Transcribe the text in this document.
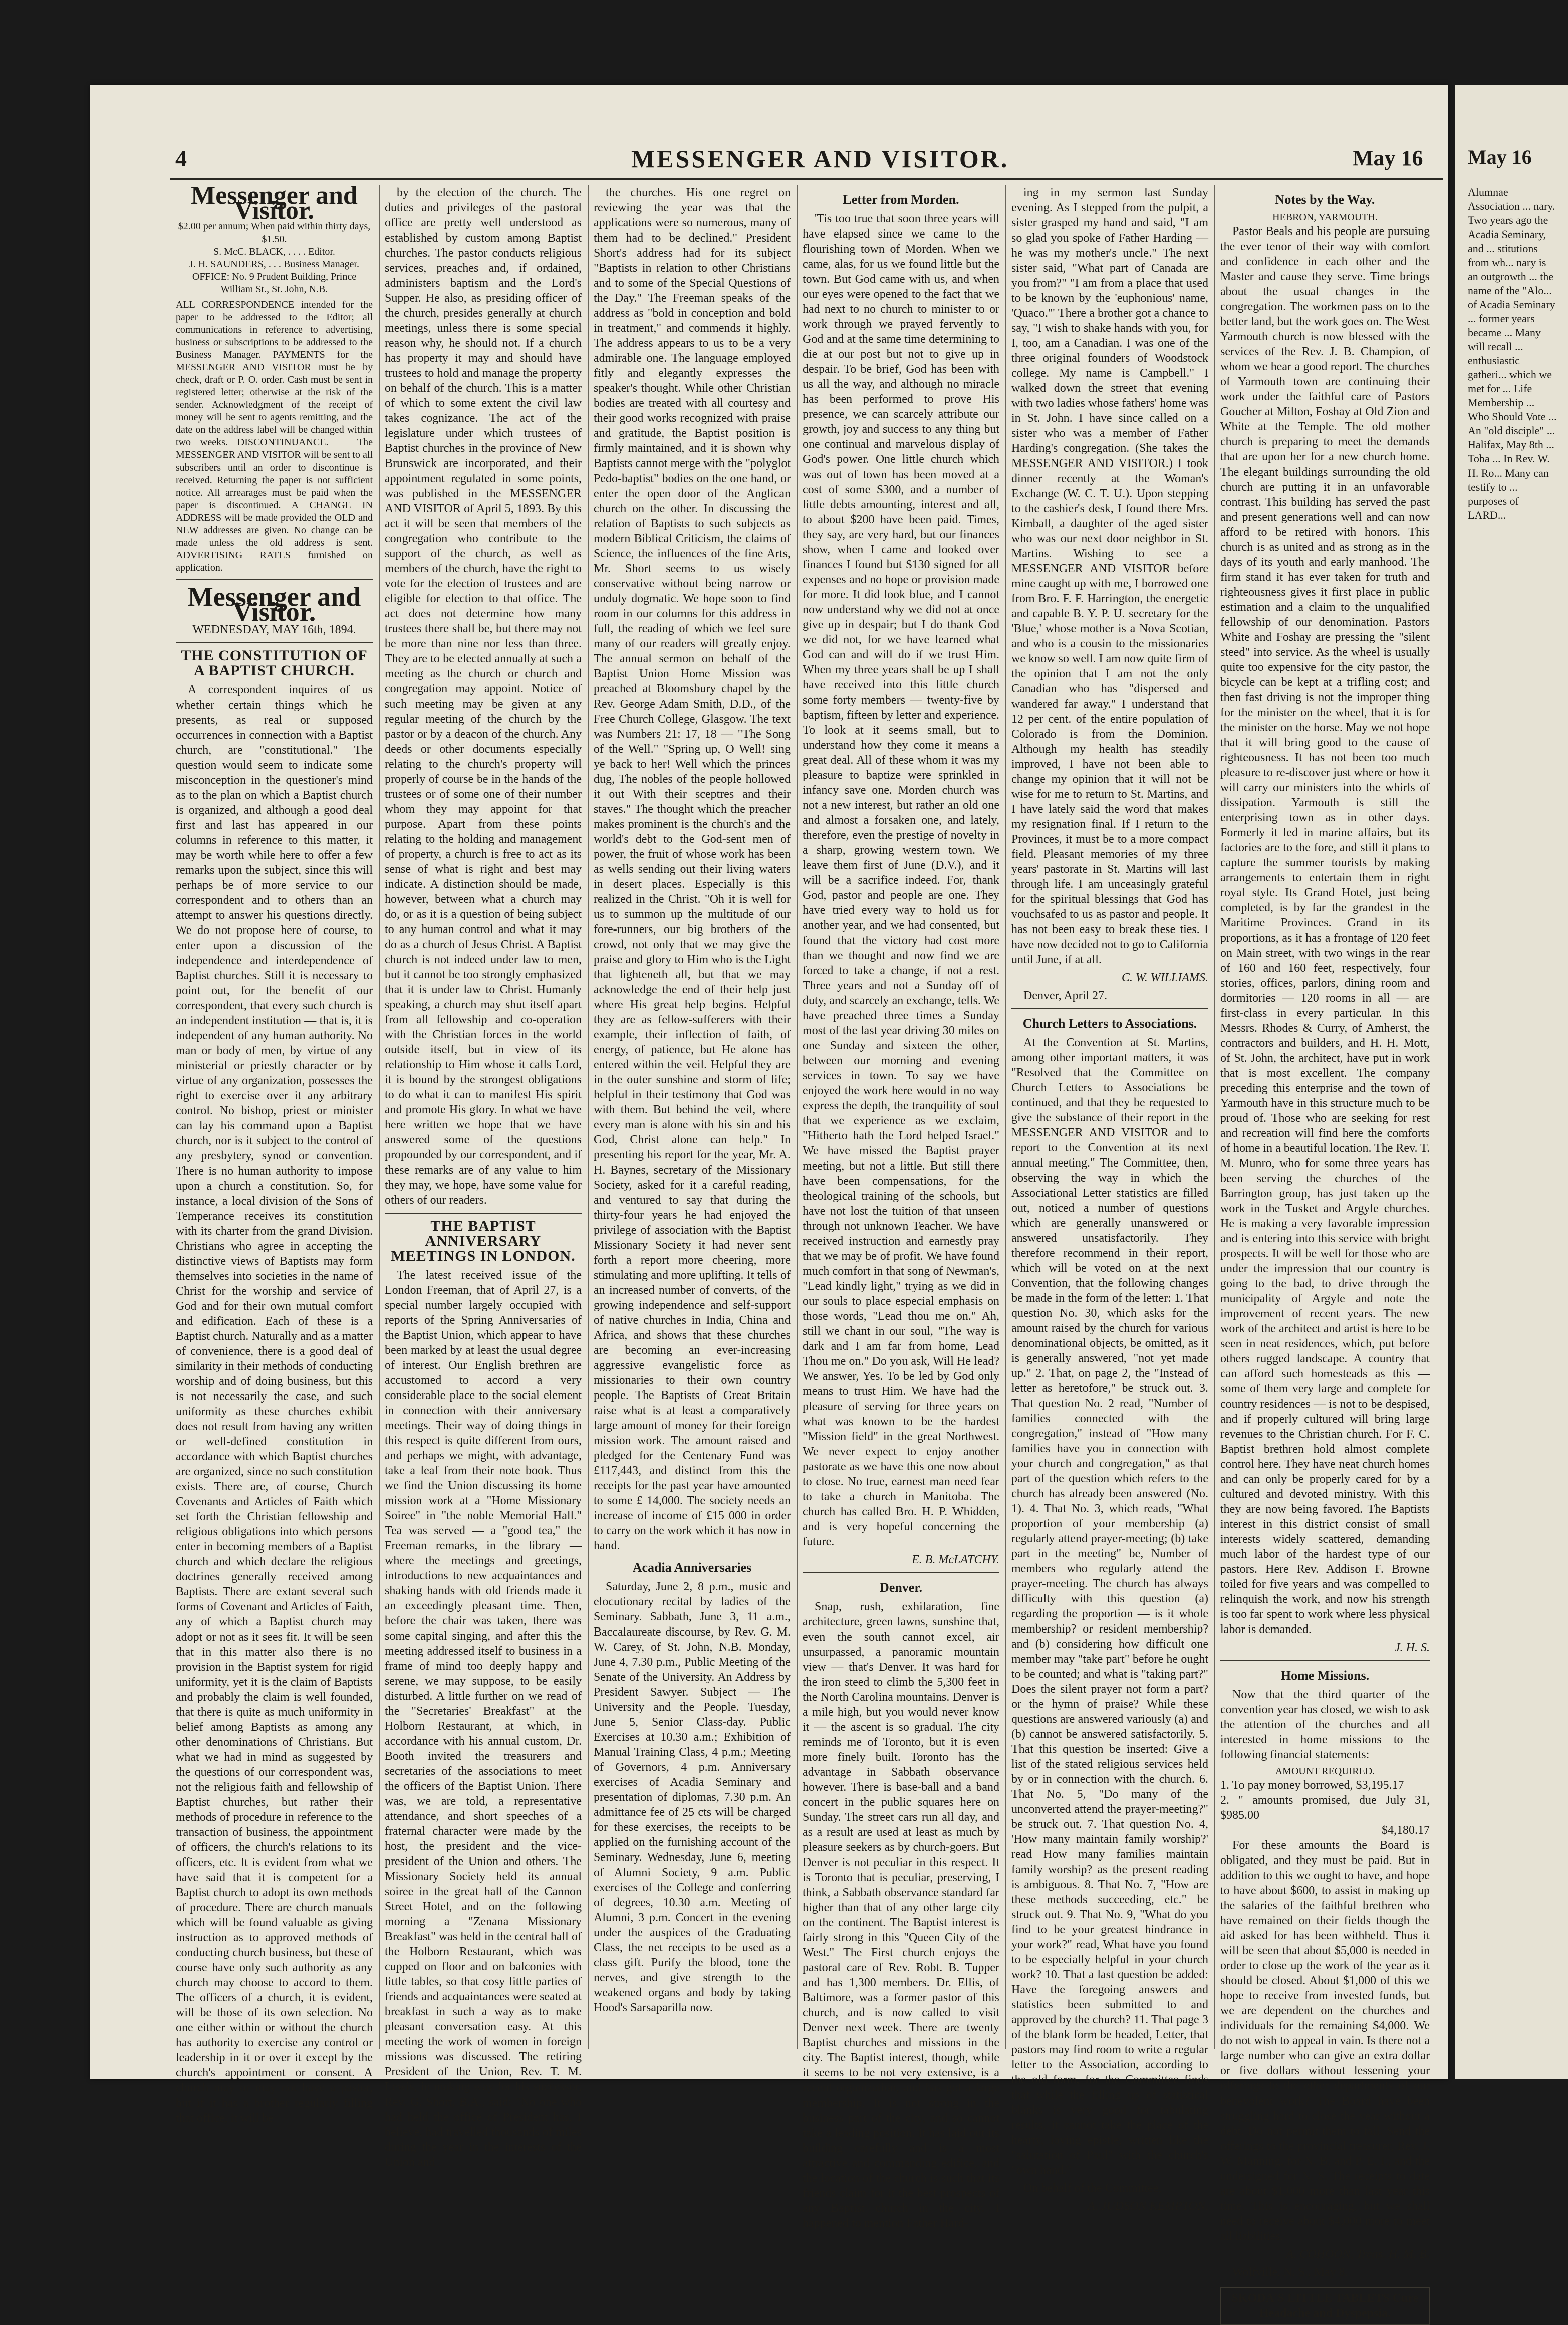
4	MESSENGER AND VISITOR.	May 16
Messenger and Visitor.
$2.00 per annum; When paid within thirty days, $1.50.
S. McC. BLACK, . . . . Editor.
J. H. SAUNDERS, . . . Business Manager.
OFFICE: No. 9 Prudent Building, Prince William St., St. John, N.B.
ALL CORRESPONDENCE intended for the paper to be addressed to the Editor; all communications in reference to advertising, business or subscriptions to be addressed to the Business Manager. PAYMENTS for the MESSENGER AND VISITOR must be by check, draft or P. O. order. Cash must be sent in registered letter; otherwise at the risk of the sender. Acknowledgment of the receipt of money will be sent to agents remitting, and the date on the address label will be changed within two weeks. DISCONTINUANCE. — The MESSENGER AND VISITOR will be sent to all subscribers until an order to discontinue is received. Returning the paper is not sufficient notice. All arrearages must be paid when the paper is discontinued. A CHANGE IN ADDRESS will be made provided the OLD and NEW addresses are given. No change can be made unless the old address is sent. ADVERTISING RATES furnished on application.
Messenger and Visitor.
WEDNESDAY, MAY 16th, 1894.
THE CONSTITUTION OF A BAPTIST CHURCH.

A correspondent inquires of us whether certain things which he presents, as real or supposed occurrences in connection with a Baptist church, are "constitutional." The question would seem to indicate some misconception in the questioner's mind as to the plan on which a Baptist church is organized, and although a good deal first and last has appeared in our columns in reference to this matter, it may be worth while here to offer a few remarks upon the subject, since this will perhaps be of more service to our correspondent and to others than an attempt to answer his questions directly. We do not propose here of course, to enter upon a discussion of the independence and interdependence of Baptist churches. Still it is necessary to point out, for the benefit of our correspondent, that every such church is an independent institution — that is, it is independent of any human authority. No man or body of men, by virtue of any ministerial or priestly character or by virtue of any organization, possesses the right to exercise over it any arbitrary control. No bishop, priest or minister can lay his command upon a Baptist church, nor is it subject to the control of any presbytery, synod or convention. There is no human authority to impose upon a church a constitution. So, for instance, a local division of the Sons of Temperance receives its constitution with its charter from the grand Division. Christians who agree in accepting the distinctive views of Baptists may form themselves into societies in the name of Christ for the worship and service of God and for their own mutual comfort and edification. Each of these is a Baptist church. Naturally and as a matter of convenience, there is a good deal of similarity in their methods of conducting worship and of doing business, but this is not necessarily the case, and such uniformity as these churches exhibit does not result from having any written or well-defined constitution in accordance with which Baptist churches are organized, since no such constitution exists. There are, of course, Church Covenants and Articles of Faith which set forth the Christian fellowship and religious obligations into which persons enter in becoming members of a Baptist church and which declare the religious doctrines generally received among Baptists. There are extant several such forms of Covenant and Articles of Faith, any of which a Baptist church may adopt or not as it sees fit. It will be seen that in this matter also there is no provision in the Baptist system for rigid uniformity, yet it is the claim of Baptists and probably the claim is well founded, that there is quite as much uniformity in belief among Baptists as among any other denominations of Christians. But what we had in mind as suggested by the questions of our correspondent was, not the religious faith and fellowship of Baptist churches, but rather their methods of procedure in reference to the transaction of business, the appointment of officers, the church's relations to its officers, etc. It is evident from what we have said that it is competent for a Baptist church to adopt its own methods of procedure. There are church manuals which will be found valuable as giving instruction as to approved methods of conducting church business, but these of course have only such authority as any church may choose to accord to them. The officers of a church, it is evident, will be those of its own selection. No one either within or without the church has authority to exercise any control or leadership in it or over it except by the church's appointment or consent. A church may or may not have a pastor, but if it has a brother regularly filling that office, it will be

by the election of the church. The duties and privileges of the pastoral office are pretty well understood as established by custom among Baptist churches. The pastor conducts religious services, preaches and, if ordained, administers baptism and the Lord's Supper. He also, as presiding officer of the church, presides generally at church meetings, unless there is some special reason why, he should not. If a church has property it may and should have trustees to hold and manage the property on behalf of the church. This is a matter of which to some extent the civil law takes cognizance. The act of the legislature under which trustees of Baptist churches in the province of New Brunswick are incorporated, and their appointment regulated in some points, was published in the MESSENGER AND VISITOR of April 5, 1893. By this act it will be seen that members of the congregation who contribute to the support of the church, as well as members of the church, have the right to vote for the election of trustees and are eligible for election to that office. The act does not determine how many trustees there shall be, but there may not be more than nine nor less than three. They are to be elected annually at such a meeting as the church or church and congregation may appoint. Notice of such meeting may be given at any regular meeting of the church by the pastor or by a deacon of the church. Any deeds or other documents especially relating to the church's property will properly of course be in the hands of the trustees or of some one of their number whom they may appoint for that purpose. Apart from these points relating to the holding and management of property, a church is free to act as its sense of what is right and best may indicate. A distinction should be made, however, between what a church may do, or as it is a question of being subject to any human control and what it may do as a church of Jesus Christ. A Baptist church is not indeed under law to men, but it cannot be too strongly emphasized that it is under law to Christ. Humanly speaking, a church may shut itself apart from all fellowship and co-operation with the Christian forces in the world outside itself, but in view of its relationship to Him whose it calls Lord, it is bound by the strongest obligations to do what it can to manifest His spirit and promote His glory. In what we have here written we hope that we have answered some of the questions propounded by our correspondent, and if these remarks are of any value to him they may, we hope, have some value for others of our readers.

THE BAPTIST ANNIVERSARY MEETINGS IN LONDON.

The latest received issue of the London Freeman, that of April 27, is a special number largely occupied with reports of the Spring Anniversaries of the Baptist Union, which appear to have been marked by at least the usual degree of interest. Our English brethren are accustomed to accord a very considerable place to the social element in connection with their anniversary meetings. Their way of doing things in this respect is quite different from ours, and perhaps we might, with advantage, take a leaf from their note book. Thus we find the Union discussing its home mission work at a "Home Missionary Soiree" in "the noble Memorial Hall." Tea was served — a "good tea," the Freeman remarks, in the library — where the meetings and greetings, introductions to new acquaintances and shaking hands with old friends made it an exceedingly pleasant time. Then, before the chair was taken, there was some capital singing, and after this the meeting addressed itself to business in a frame of mind too deeply happy and serene, we may suppose, to be easily disturbed. A little further on we read of the "Secretaries' Breakfast" at the Holborn Restaurant, at which, in accordance with his annual custom, Dr. Booth invited the treasurers and secretaries of the associations to meet the officers of the Baptist Union. There was, we are told, a representative attendance, and short speeches of a fraternal character were made by the host, the president and the vice-president of the Union and others. The Missionary Society held its annual soiree in the great hall of the Cannon Street Hotel, and on the following morning a "Zenana Missionary Breakfast" was held in the central hall of the Holborn Restaurant, which was cupped on floor and on balconies with little tables, so that cosy little parties of friends and acquaintances were seated at breakfast in such a way as to make pleasant conversation easy. At this meeting the work of women in foreign missions was discussed. The retiring President of the Union, Rev. T. M. Lewis, in making way for his successor, Rev. G. Short, B.A., said: "No one who had held the office of President has, I believe, had travelled thousands of miles during the year in the interests of the Union and

the churches. His one regret on reviewing the year was that the applications were so numerous, many of them had to be declined." President Short's address had for its subject "Baptists in relation to other Christians and to some of the Special Questions of the Day." The Freeman speaks of the address as "bold in conception and bold in treatment," and commends it highly. The address appears to us to be a very admirable one. The language employed fitly and elegantly expresses the speaker's thought. While other Christian bodies are treated with all courtesy and their good works recognized with praise and gratitude, the Baptist position is firmly maintained, and it is shown why Baptists cannot merge with the "polyglot Pedo-baptist" bodies on the one hand, or enter the open door of the Anglican church on the other. In discussing the relation of Baptists to such subjects as modern Biblical Criticism, the claims of Science, the influences of the fine Arts, Mr. Short seems to us wisely conservative without being narrow or unduly dogmatic. We hope soon to find room in our columns for this address in full, the reading of which we feel sure many of our readers will greatly enjoy. The annual sermon on behalf of the Baptist Union Home Mission was preached at Bloomsbury chapel by the Rev. George Adam Smith, D.D., of the Free Church College, Glasgow. The text was Numbers 21: 17, 18 — "The Song of the Well." "Spring up, O Well! sing ye back to her! Well which the princes dug, The nobles of the people hollowed it out With their sceptres and their staves." The thought which the preacher makes prominent is the church's and the world's debt to the God-sent men of power, the fruit of whose work has been as wells sending out their living waters in desert places. Especially is this realized in the Christ. "Oh it is well for us to summon up the multitude of our fore-runners, our big brothers of the crowd, not only that we may give the praise and glory to Him who is the Light that lighteneth all, but that we may acknowledge the end of their help just where His great help begins. Helpful they are as fellow-sufferers with their example, their inflection of faith, of energy, of patience, but He alone has entered within the veil. Helpful they are in the outer sunshine and storm of life; helpful in their testimony that God was with them. But behind the veil, where every man is alone with his sin and his God, Christ alone can help." In presenting his report for the year, Mr. A. H. Baynes, secretary of the Missionary Society, asked for it a careful reading, and ventured to say that during the thirty-four years he had enjoyed the privilege of association with the Baptist Missionary Society it had never sent forth a report more cheering, more stimulating and more uplifting. It tells of an increased number of converts, of the growing independence and self-support of native churches in India, China and Africa, and shows that these churches are becoming an ever-increasing aggressive evangelistic force as missionaries to their own country people. The Baptists of Great Britain raise what is at least a comparatively large amount of money for their foreign mission work. The amount raised and pledged for the Centenary Fund was £117,443, and distinct from this the receipts for the past year have amounted to some £ 14,000. The society needs an increase of income of £15 000 in order to carry on the work which it has now in hand.

Acadia Anniversaries

Saturday, June 2, 8 p.m., music and elocutionary recital by ladies of the Seminary. Sabbath, June 3, 11 a.m., Baccalaureate discourse, by Rev. G. M. W. Carey, of St. John, N.B. Monday, June 4, 7.30 p.m., Public Meeting of the Senate of the University. An Address by President Sawyer. Subject — The University and the People. Tuesday, June 5, Senior Class-day. Public Exercises at 10.30 a.m.; Exhibition of Manual Training Class, 4 p.m.; Meeting of Governors, 4 p.m. Anniversary exercises of Acadia Seminary and presentation of diplomas, 7.30 p.m. An admittance fee of 25 cts will be charged for these exercises, the receipts to be applied on the furnishing account of the Seminary. Wednesday, June 6, meeting of Alumni Society, 9 a.m. Public exercises of the College and conferring of degrees, 10.30 a.m. Meeting of Alumni, 3 p.m. Concert in the evening under the auspices of the Graduating Class, the net receipts to be used as a class gift. Purify the blood, tone the nerves, and give strength to the weakened organs and body by taking Hood's Sarsaparilla now.

Letter from Morden.

'Tis too true that soon three years will have elapsed since we came to the flourishing town of Morden. When we came, alas, for us we found little but the town. But God came with us, and when our eyes were opened to the fact that we had next to no church to minister to or work through we prayed fervently to God and at the same time determining to die at our post but not to give up in despair. To be brief, God has been with us all the way, and although no miracle has been performed to prove His presence, we can scarcely attribute our growth, joy and success to any thing but one continual and marvelous display of God's power. One little church which was out of town has been moved at a cost of some $300, and a number of little debts amounting, interest and all, to about $200 have been paid. Times, they say, are very hard, but our finances show, when I came and looked over finances I found but $130 signed for all expenses and no hope or provision made for more. It did look blue, and I cannot now understand why we did not at once give up in despair; but I do thank God we did not, for we have learned what God can and will do if we trust Him. When my three years shall be up I shall have received into this little church some forty members — twenty-five by baptism, fifteen by letter and experience. To look at it seems small, but to understand how they come it means a great deal. All of these whom it was my pleasure to baptize were sprinkled in infancy save one. Morden church was not a new interest, but rather an old one and almost a forsaken one, and lately, therefore, even the prestige of novelty in a sharp, growing western town. We leave them first of June (D.V.), and it will be a sacrifice indeed. For, thank God, pastor and people are one. They have tried every way to hold us for another year, and we had consented, but found that the victory had cost more than we thought and now find we are forced to take a change, if not a rest. Three years and not a Sunday off of duty, and scarcely an exchange, tells. We have preached three times a Sunday most of the last year driving 30 miles on one Sunday and sixteen the other, between our morning and evening services in town. To say we have enjoyed the work here would in no way express the depth, the tranquility of soul that we experience as we exclaim, "Hitherto hath the Lord helped Israel." We have missed the Baptist prayer meeting, but not a little. But still there have been compensations, for the theological training of the schools, but have not lost the tuition of that unseen through not unknown Teacher. We have received instruction and earnestly pray that we may be of profit. We have found much comfort in that song of Newman's, "Lead kindly light," trying as we did in our souls to place especial emphasis on those words, "Lead thou me on." Ah, still we chant in our soul, "The way is dark and I am far from home, Lead Thou me on." Do you ask, Will He lead? We answer, Yes. To be led by God only means to trust Him. We have had the pleasure of serving for three years on what was known to be the hardest "Mission field" in the great Northwest. We never expect to enjoy another pastorate as we have this one now about to close. No true, earnest man need fear to take a church in Manitoba. The church has called Bro. H. P. Whidden, and is very hopeful concerning the future.

E. B. McLATCHY.
Denver.

Snap, rush, exhilaration, fine architecture, green lawns, sunshine that, even the south cannot excel, air unsurpassed, a panoramic mountain view — that's Denver. It was hard for the iron steed to climb the 5,300 feet in the North Carolina mountains. Denver is a mile high, but you would never know it — the ascent is so gradual. The city reminds me of Toronto, but it is even more finely built. Toronto has the advantage in Sabbath observance however. There is base-ball and a band concert in the public squares here on Sunday. The street cars run all day, and as a result are used at least as much by pleasure seekers as by church-goers. But Denver is not peculiar in this respect. It is Toronto that is peculiar, preserving, I think, a Sabbath observance standard far higher than that of any other large city on the continent. The Baptist interest is fairly strong in this "Queen City of the West." The First church enjoys the pastoral care of Rev. Robt. B. Tupper and has 1,300 members. Dr. Ellis, of Baltimore, was a former pastor of this church, and is now called to visit Denver next week. There are twenty Baptist churches and missions in the city. The Baptist interest, though, while it seems to be not very extensive, is a recent organization, and has got a large membership. It is not strong in the business part of the city, and so cannot take a leading position. It has laid out its building carefully and is a most attractive and commanding edifice, and the location of the church is such that its friends claim for it the best prospects of any Baptist church in the city. I happened to mention Father Hard-

ing in my sermon last Sunday evening. As I stepped from the pulpit, a sister grasped my hand and said, "I am so glad you spoke of Father Harding — he was my mother's uncle." The next sister said, "What part of Canada are you from?" "I am from a place that used to be known by the 'euphonious' name, 'Quaco.'" There a brother got a chance to say, "I wish to shake hands with you, for I, too, am a Canadian. I was one of the three original founders of Woodstock college. My name is Campbell." I walked down the street that evening with two ladies whose fathers' home was in St. John. I have since called on a sister who was a member of Father Harding's congregation. (She takes the MESSENGER AND VISITOR.) I took dinner recently at the Woman's Exchange (W. C. T. U.). Upon stepping to the cashier's desk, I found there Mrs. Kimball, a daughter of the aged sister who was our next door neighbor in St. Martins. Wishing to see a MESSENGER AND VISITOR before mine caught up with me, I borrowed one from Bro. F. F. Harrington, the energetic and capable B. Y. P. U. secretary for the 'Blue,' whose mother is a Nova Scotian, and who is a cousin to the missionaries we know so well. I am now quite firm of the opinion that I am not the only Canadian who has "dispersed and wandered far away." I understand that 12 per cent. of the entire population of Colorado is from the Dominion. Although my health has steadily improved, I have not been able to change my opinion that it will not be wise for me to return to St. Martins, and I have lately said the word that makes my resignation final. If I return to the Provinces, it must be to a more compact field. Pleasant memories of my three years' pastorate in St. Martins will last through life. I am unceasingly grateful for the spiritual blessings that God has vouchsafed to us as pastor and people. It has not been easy to break these ties. I have now decided not to go to California until June, if at all.

C. W. WILLIAMS.
Denver, April 27.
Church Letters to Associations.

At the Convention at St. Martins, among other important matters, it was "Resolved that the Committee on Church Letters to Associations be continued, and that they be requested to give the substance of their report in the MESSENGER AND VISITOR and to report to the Convention at its next annual meeting." The Committee, then, observing the way in which the Associational Letter statistics are filled out, noticed a number of questions which are generally unanswered or answered unsatisfactorily. They therefore recommend in their report, which will be voted on at the next Convention, that the following changes be made in the form of the letter: 1. That question No. 30, which asks for the amount raised by the church for various denominational objects, be omitted, as it is generally answered, "not yet made up." 2. That, on page 2, the "Instead of letter as heretofore," be struck out. 3. That question No. 2 read, "Number of families connected with the congregation," instead of "How many families have you in connection with your church and congregation," as that part of the question which refers to the church has already been answered (No. 1). 4. That No. 3, which reads, "What proportion of your membership (a) regularly attend prayer-meeting; (b) take part in the meeting" be, Number of members who regularly attend the prayer-meeting. The church has always difficulty with this question (a) regarding the proportion — is it whole membership? or resident membership? and (b) considering how difficult one member may "take part" before he ought to be counted; and what is "taking part?" Does the silent prayer not form a part? or the hymn of praise? While these questions are answered variously (a) and (b) cannot be answered satisfactorily. 5. That this question be inserted: Give a list of the stated religious services held by or in connection with the church. 6. That No. 5, "Do many of the unconverted attend the prayer-meeting?" be struck out. 7. That question No. 4, 'How many maintain family worship?' read How many families maintain family worship? as the present reading is ambiguous. 8. That No. 7, "How are these methods succeeding, etc." be struck out. 9. That No. 9, "What do you find to be your greatest hindrance in your work?" read, What have you found to be especially helpful in your church work? 10. That a last question be added: Have the foregoing answers and statistics been submitted to and approved by the church? 11. That page 3 of the blank form be headed, Letter, that pastors may find room to write a regular letter to the Association, according to the old form, for the Committee finds that while the filling up of statistical blanks is very good for tabulating results, it cannot take the place of the hearty, loving epistle, written like the "salutation of Paul" with the church's "own hand."

On behalf of the Committee,
A. JUDSON KEMPTON.
Notes by the Way.
HEBRON, YARMOUTH.

Pastor Beals and his people are pursuing the ever tenor of their way with comfort and confidence in each other and the Master and cause they serve. Time brings about the usual changes in the congregation. The workmen pass on to the better land, but the work goes on. The West Yarmouth church is now blessed with the services of the Rev. J. B. Champion, of whom we hear a good report. The churches of Yarmouth town are continuing their work under the faithful care of Pastors Goucher at Milton, Foshay at Old Zion and White at the Temple. The old mother church is preparing to meet the demands that are upon her for a new church home. The elegant buildings surrounding the old church are putting it in an unfavorable contrast. This building has served the past and present generations well and can now afford to be retired with honors. This church is as united and as strong as in the days of its youth and early manhood. The firm stand it has ever taken for truth and righteousness gives it first place in public estimation and a claim to the unqualified fellowship of our denomination. Pastors White and Foshay are pressing the "silent steed" into service. As the wheel is usually quite too expensive for the city pastor, the bicycle can be kept at a trifling cost; and then fast driving is not the improper thing for the minister on the wheel, that it is for the minister on the horse. May we not hope that it will bring good to the cause of righteousness. It has not been too much pleasure to re-discover just where or how it will carry our ministers into the whirls of dissipation. Yarmouth is still the enterprising town as in other days. Formerly it led in marine affairs, but its factories are to the fore, and still it plans to capture the summer tourists by making arrangements to entertain them in right royal style. Its Grand Hotel, just being completed, is by far the grandest in the Maritime Provinces. Grand in its proportions, as it has a frontage of 120 feet on Main street, with two wings in the rear of 160 and 160 feet, respectively, four stories, offices, parlors, dining room and dormitories — 120 rooms in all — are first-class in every particular. In this Messrs. Rhodes & Curry, of Amherst, the contractors and builders, and H. H. Mott, of St. John, the architect, have put in work that is most excellent. The company preceding this enterprise and the town of Yarmouth have in this structure much to be proud of. Those who are seeking for rest and recreation will find here the comforts of home in a beautiful location. The Rev. T. M. Munro, who for some three years has been serving the churches of the Barrington group, has just taken up the work in the Tusket and Argyle churches. He is making a very favorable impression and is entering into this service with bright prospects. It will be well for those who are under the impression that our country is going to the bad, to drive through the municipality of Argyle and note the improvement of recent years. The new work of the architect and artist is here to be seen in neat residences, which, put before others rugged landscape. A country that can afford such homesteads as this — some of them very large and complete for country residences — is not to be despised, and if properly cultured will bring large revenues to the Christian church. For F. C. Baptist brethren hold almost complete control here. They have neat church homes and can only be properly cared for by a cultured and devoted ministry. With this they are now being favored. The Baptists interest in this district consist of small interests widely scattered, demanding much labor of the hardest type of our pastors. Here Rev. Addison F. Browne toiled for five years and was compelled to relinquish the work, and now his strength is too far spent to work where less physical labor is demanded.

J. H. S.
Home Missions.

Now that the third quarter of the convention year has closed, we wish to ask the attention of the churches and all interested in home missions to the following financial statements:

AMOUNT REQUIRED.
1. To pay money borrowed, $3,195.17
2. " amounts promised, due July 31, $985.00
$4,180.17

For these amounts the Board is obligated, and they must be paid. But in addition to this we ought to have, and hope to have about $600, to assist in making up the salaries of the faithful brethren who have remained on their fields though the aid asked for has been withheld. Thus it will be seen that about $5,000 is needed in order to close up the work of the year as it should be closed. About $1,000 of this we hope to receive from invested funds, but we are dependent on the churches and individuals for the remaining $4,000. We do not wish to appeal in vain. Is there not a large number who can give an extra dollar or five dollars without lessening your offerings to the other departments of our benevolent work? The Board have been struggling hard to close the year without a debt. Do not permit them to fall. Send the offerings to the provincial treasurer, Rev. J. W. Manning, for N. B. and P. E. I., and the undersigned for N. S. The receipts to date are about $1,000 more than last year this time. This is encouraging, but we shall need to receive about $4,000 more to meet all liabilities.

A. COHOON, Treas. H. M. B.
Wolfville, N. S., May 8.
SKODA'S LITTLE TABLETS Cure Headache and Dyspepsia.
May 16
Alumnae Association ... nary. Two years ago the Acadia Seminary, and ... stitutions from wh... nary is an outgrowth ... the name of the "Alo... of Acadia Seminary ... former years became ... Many will recall ... enthusiastic gatheri... which we met for ... Life Membership ... Who Should Vote ... An "old disciple" ... Halifax, May 8th ... Toba ... In Rev. W. H. Ro... Many can testify to ... purposes of LARD...
